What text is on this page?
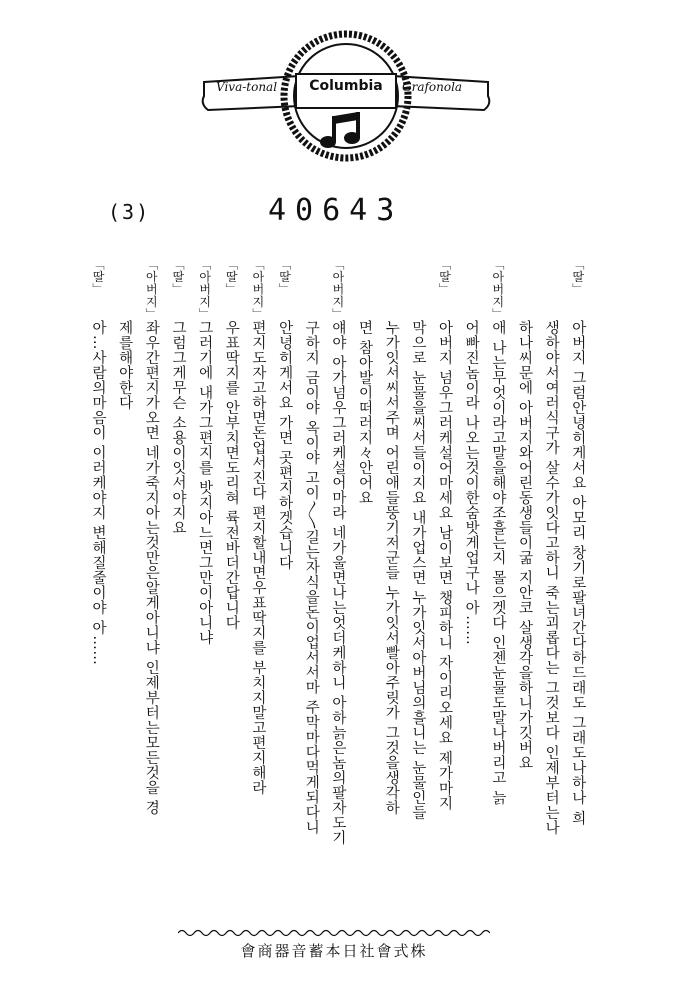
Viva-tonal	Columbia	Grafonola
(3)	40643
「딸」
아버지 그럼안녕히게서요 아모리 창기로팔녀간다하드래도 그래도나하나 희
생하야서여러식구가 살수가잇다고하니 죽는괴롭다는 그것보다 인제부터는나
하나씨문에 아버지와어린동생들이굶 지안코 살생각을하니가깃버요
「아버지」
애 나는무엇이라고말을해야조흘는지 몰으겟다 인젠눈물도말나버리고 늙
어빠진놈이라 나오는것이한숨밧게업구나 아……
「딸」
아버지 넘우그러케설어마세요 남이보면 챙피하니 자이리오세요 제가마지
막으로 눈물을씨서들이지요 내가업스면 누가잇서아버님의흘니는 눈물인들
누가잇서씨서주며 어린애들뚱기저군들 누가잇서빨아주릿가 그것을생각하
면 참아발이떠러지々안어요
「아버지」
얘야 아가넘우그러케설어마라 네가울면나는엇더케하니 아하늙은놈의팔자도기
구하지 금이야 옥이야 고이〳〵길는자식을돈이업서서마 주막마다먹게되다니
「딸」
안녕히게서요 가면 곳편지하겟습니다
「아버지」
편지도자고하면돈업서진다 편지할내면우표딱지를 부치지말고편지해라
「딸」
우표딱지를 안부치면도리혀 륙전바더간답니다
「아버지」
그러기에 내가그편지를 밧지아느면그만이아니냐
「딸」
그럼그게무슨 소용이잇서야지요
「아버지」
좌우간편지가오면 네가죽지아는것만은알게아니냐 인제부터는모든것을 경
제를해야한다
「딸」
아…사람의마음이 이러케야지 변해질줄이야 아……
會商器音蓄本日社會式株
